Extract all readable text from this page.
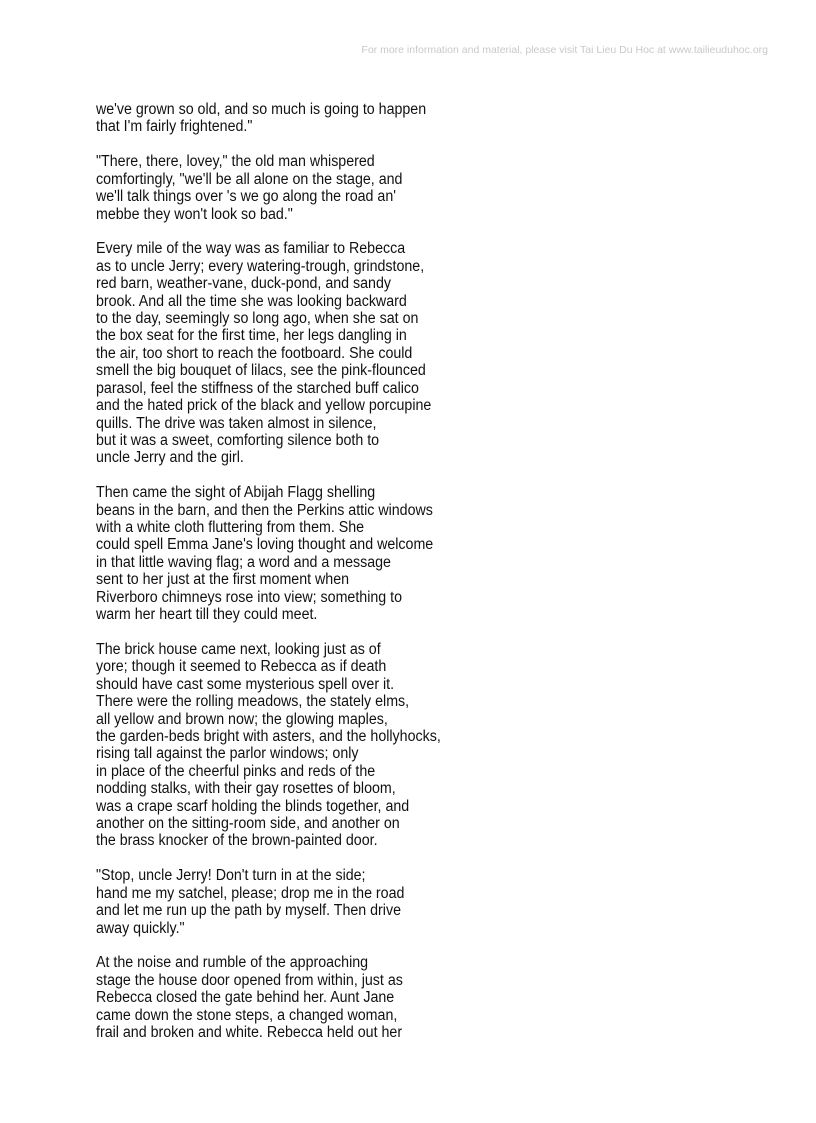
For more information and material, please visit Tai Lieu Du Hoc at www.tailieuduhoc.org
we've grown so old, and so much is going to happen
that I'm fairly frightened."
"There, there, lovey," the old man whispered
comfortingly, "we'll be all alone on the stage, and
we'll talk things over 's we go along the road an'
mebbe they won't look so bad."
Every mile of the way was as familiar to Rebecca
as to uncle Jerry; every watering-trough, grindstone,
red barn, weather-vane, duck-pond, and sandy
brook. And all the time she was looking backward
to the day, seemingly so long ago, when she sat on
the box seat for the first time, her legs dangling in
the air, too short to reach the footboard. She could
smell the big bouquet of lilacs, see the pink-flounced
parasol, feel the stiffness of the starched buff calico
and the hated prick of the black and yellow porcupine
quills. The drive was taken almost in silence,
but it was a sweet, comforting silence both to
uncle Jerry and the girl.
Then came the sight of Abijah Flagg shelling
beans in the barn, and then the Perkins attic windows
with a white cloth fluttering from them. She
could spell Emma Jane's loving thought and welcome
in that little waving flag; a word and a message
sent to her just at the first moment when
Riverboro chimneys rose into view; something to
warm her heart till they could meet.
The brick house came next, looking just as of
yore; though it seemed to Rebecca as if death
should have cast some mysterious spell over it.
There were the rolling meadows, the stately elms,
all yellow and brown now; the glowing maples,
the garden-beds bright with asters, and the hollyhocks,
rising tall against the parlor windows; only
in place of the cheerful pinks and reds of the
nodding stalks, with their gay rosettes of bloom,
was a crape scarf holding the blinds together, and
another on the sitting-room side, and another on
the brass knocker of the brown-painted door.
"Stop, uncle Jerry! Don't turn in at the side;
hand me my satchel, please; drop me in the road
and let me run up the path by myself. Then drive
away quickly."
At the noise and rumble of the approaching
stage the house door opened from within, just as
Rebecca closed the gate behind her. Aunt Jane
came down the stone steps, a changed woman,
frail and broken and white. Rebecca held out her
